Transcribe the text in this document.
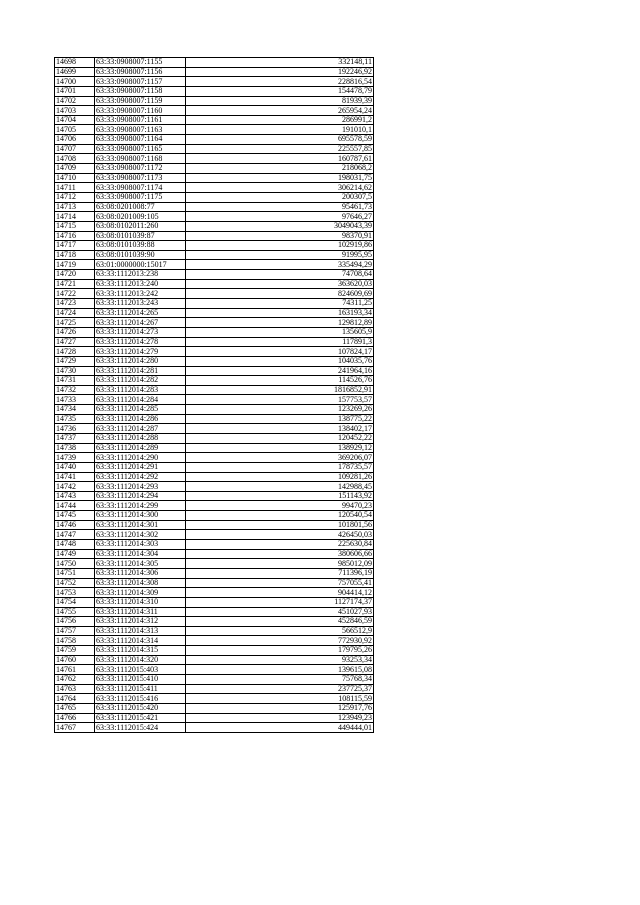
14698	63:33:0908007:1155	332148,11
14699	63:33:0908007:1156	192246,92
14700	63:33:0908007:1157	228816,54
14701	63:33:0908007:1158	154478,79
14702	63:33:0908007:1159	81939,39
14703	63:33:0908007:1160	265954,24
14704	63:33:0908007:1161	286991,2
14705	63:33:0908007:1163	191010,1
14706	63:33:0908007:1164	695578,59
14707	63:33:0908007:1165	225557,85
14708	63:33:0908007:1168	160787,61
14709	63:33:0908007:1172	218068,2
14710	63:33:0908007:1173	198031,75
14711	63:33:0908007:1174	306214,62
14712	63:33:0908007:1175	200307,5
14713	63:08:0201008:77	95461,73
14714	63:08:0201009:105	97646,27
14715	63:08:0102011:260	3049043,39
14716	63:08:0101039:87	98370,91
14717	63:08:0101039:88	102919,86
14718	63:08:0101039:90	91995,95
14719	63:01:0000000:15017	335494,29
14720	63:33:1112013:238	74708,64
14721	63:33:1112013:240	363620,03
14722	63:33:1112013:242	824609,69
14723	63:33:1112013:243	74311,25
14724	63:33:1112014:265	163193,34
14725	63:33:1112014:267	129812,89
14726	63:33:1112014:273	135605,9
14727	63:33:1112014:278	117891,3
14728	63:33:1112014:279	107824,17
14729	63:33:1112014:280	104035,76
14730	63:33:1112014:281	241964,16
14731	63:33:1112014:282	114526,76
14732	63:33:1112014:283	1816852,91
14733	63:33:1112014:284	157753,57
14734	63:33:1112014:285	123269,26
14735	63:33:1112014:286	138775,22
14736	63:33:1112014:287	138402,17
14737	63:33:1112014:288	120452,22
14738	63:33:1112014:289	138929,12
14739	63:33:1112014:290	369206,07
14740	63:33:1112014:291	178735,57
14741	63:33:1112014:292	109281,26
14742	63:33:1112014:293	142988,45
14743	63:33:1112014:294	151143,92
14744	63:33:1112014:299	99470,23
14745	63:33:1112014:300	120540,54
14746	63:33:1112014:301	101801,56
14747	63:33:1112014:302	426450,03
14748	63:33:1112014:303	225630,84
14749	63:33:1112014:304	380606,66
14750	63:33:1112014:305	985012,09
14751	63:33:1112014:306	711396,19
14752	63:33:1112014:308	757055,41
14753	63:33:1112014:309	904414,12
14754	63:33:1112014:310	1127174,37
14755	63:33:1112014:311	451027,93
14756	63:33:1112014:312	452846,59
14757	63:33:1112014:313	566512,9
14758	63:33:1112014:314	772930,92
14759	63:33:1112014:315	179795,26
14760	63:33:1112014:320	93253,34
14761	63:33:1112015:403	139615,08
14762	63:33:1112015:410	75768,34
14763	63:33:1112015:411	237725,37
14764	63:33:1112015:416	108115,59
14765	63:33:1112015:420	125917,76
14766	63:33:1112015:421	123949,23
14767	63:33:1112015:424	449444,01
